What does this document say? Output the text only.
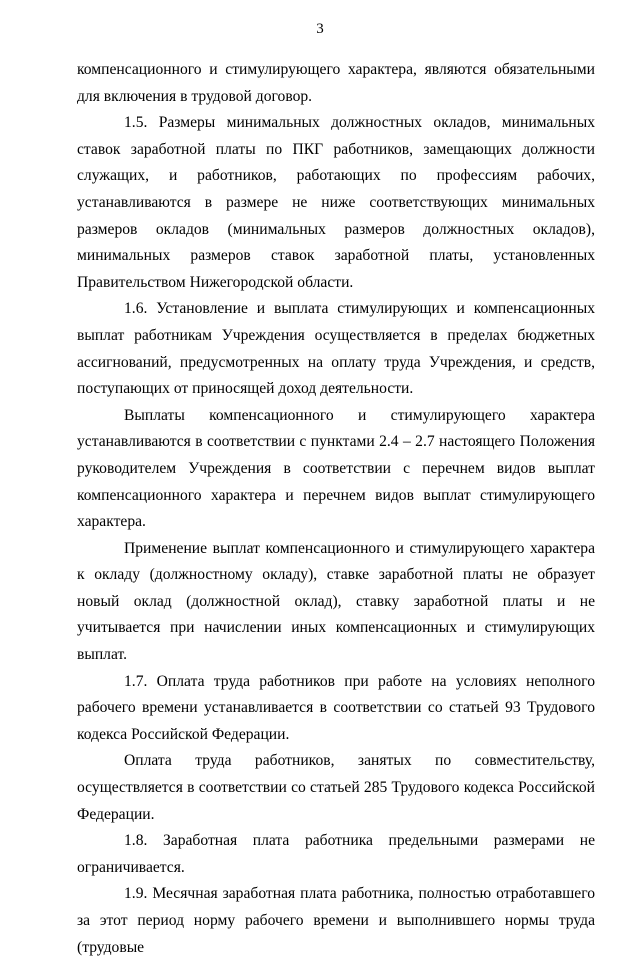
3

компенсационного и стимулирующего характера, являются обязательными для включения в трудовой договор.

1.5. Размеры минимальных должностных окладов, минимальных ставок заработной платы по ПКГ работников, замещающих должности служащих, и работников, работающих по профессиям рабочих, устанавливаются в размере не ниже соответствующих минимальных размеров окладов (минимальных размеров должностных окладов), минимальных размеров ставок заработной платы, установленных Правительством Нижегородской области.

1.6. Установление и выплата стимулирующих и компенсационных выплат работникам Учреждения осуществляется в пределах бюджетных ассигнований, предусмотренных на оплату труда Учреждения, и средств, поступающих от приносящей доход деятельности.

Выплаты компенсационного и стимулирующего характера устанавливаются в соответствии с пунктами 2.4 – 2.7 настоящего Положения руководителем Учреждения в соответствии с перечнем видов выплат компенсационного характера и перечнем видов выплат стимулирующего характера.

Применение выплат компенсационного и стимулирующего характера к окладу (должностному окладу), ставке заработной платы не образует новый оклад (должностной оклад), ставку заработной платы и не учитывается при начислении иных компенсационных и стимулирующих выплат.

1.7. Оплата труда работников при работе на условиях неполного рабочего времени устанавливается в соответствии со статьей 93 Трудового кодекса Российской Федерации.

Оплата труда работников, занятых по совместительству, осуществляется в соответствии со статьей 285 Трудового кодекса Российской Федерации.

1.8. Заработная плата работника предельными размерами не ограничивается.

1.9. Месячная заработная плата работника, полностью отработавшего за этот период норму рабочего времени и выполнившего нормы труда (трудовые
